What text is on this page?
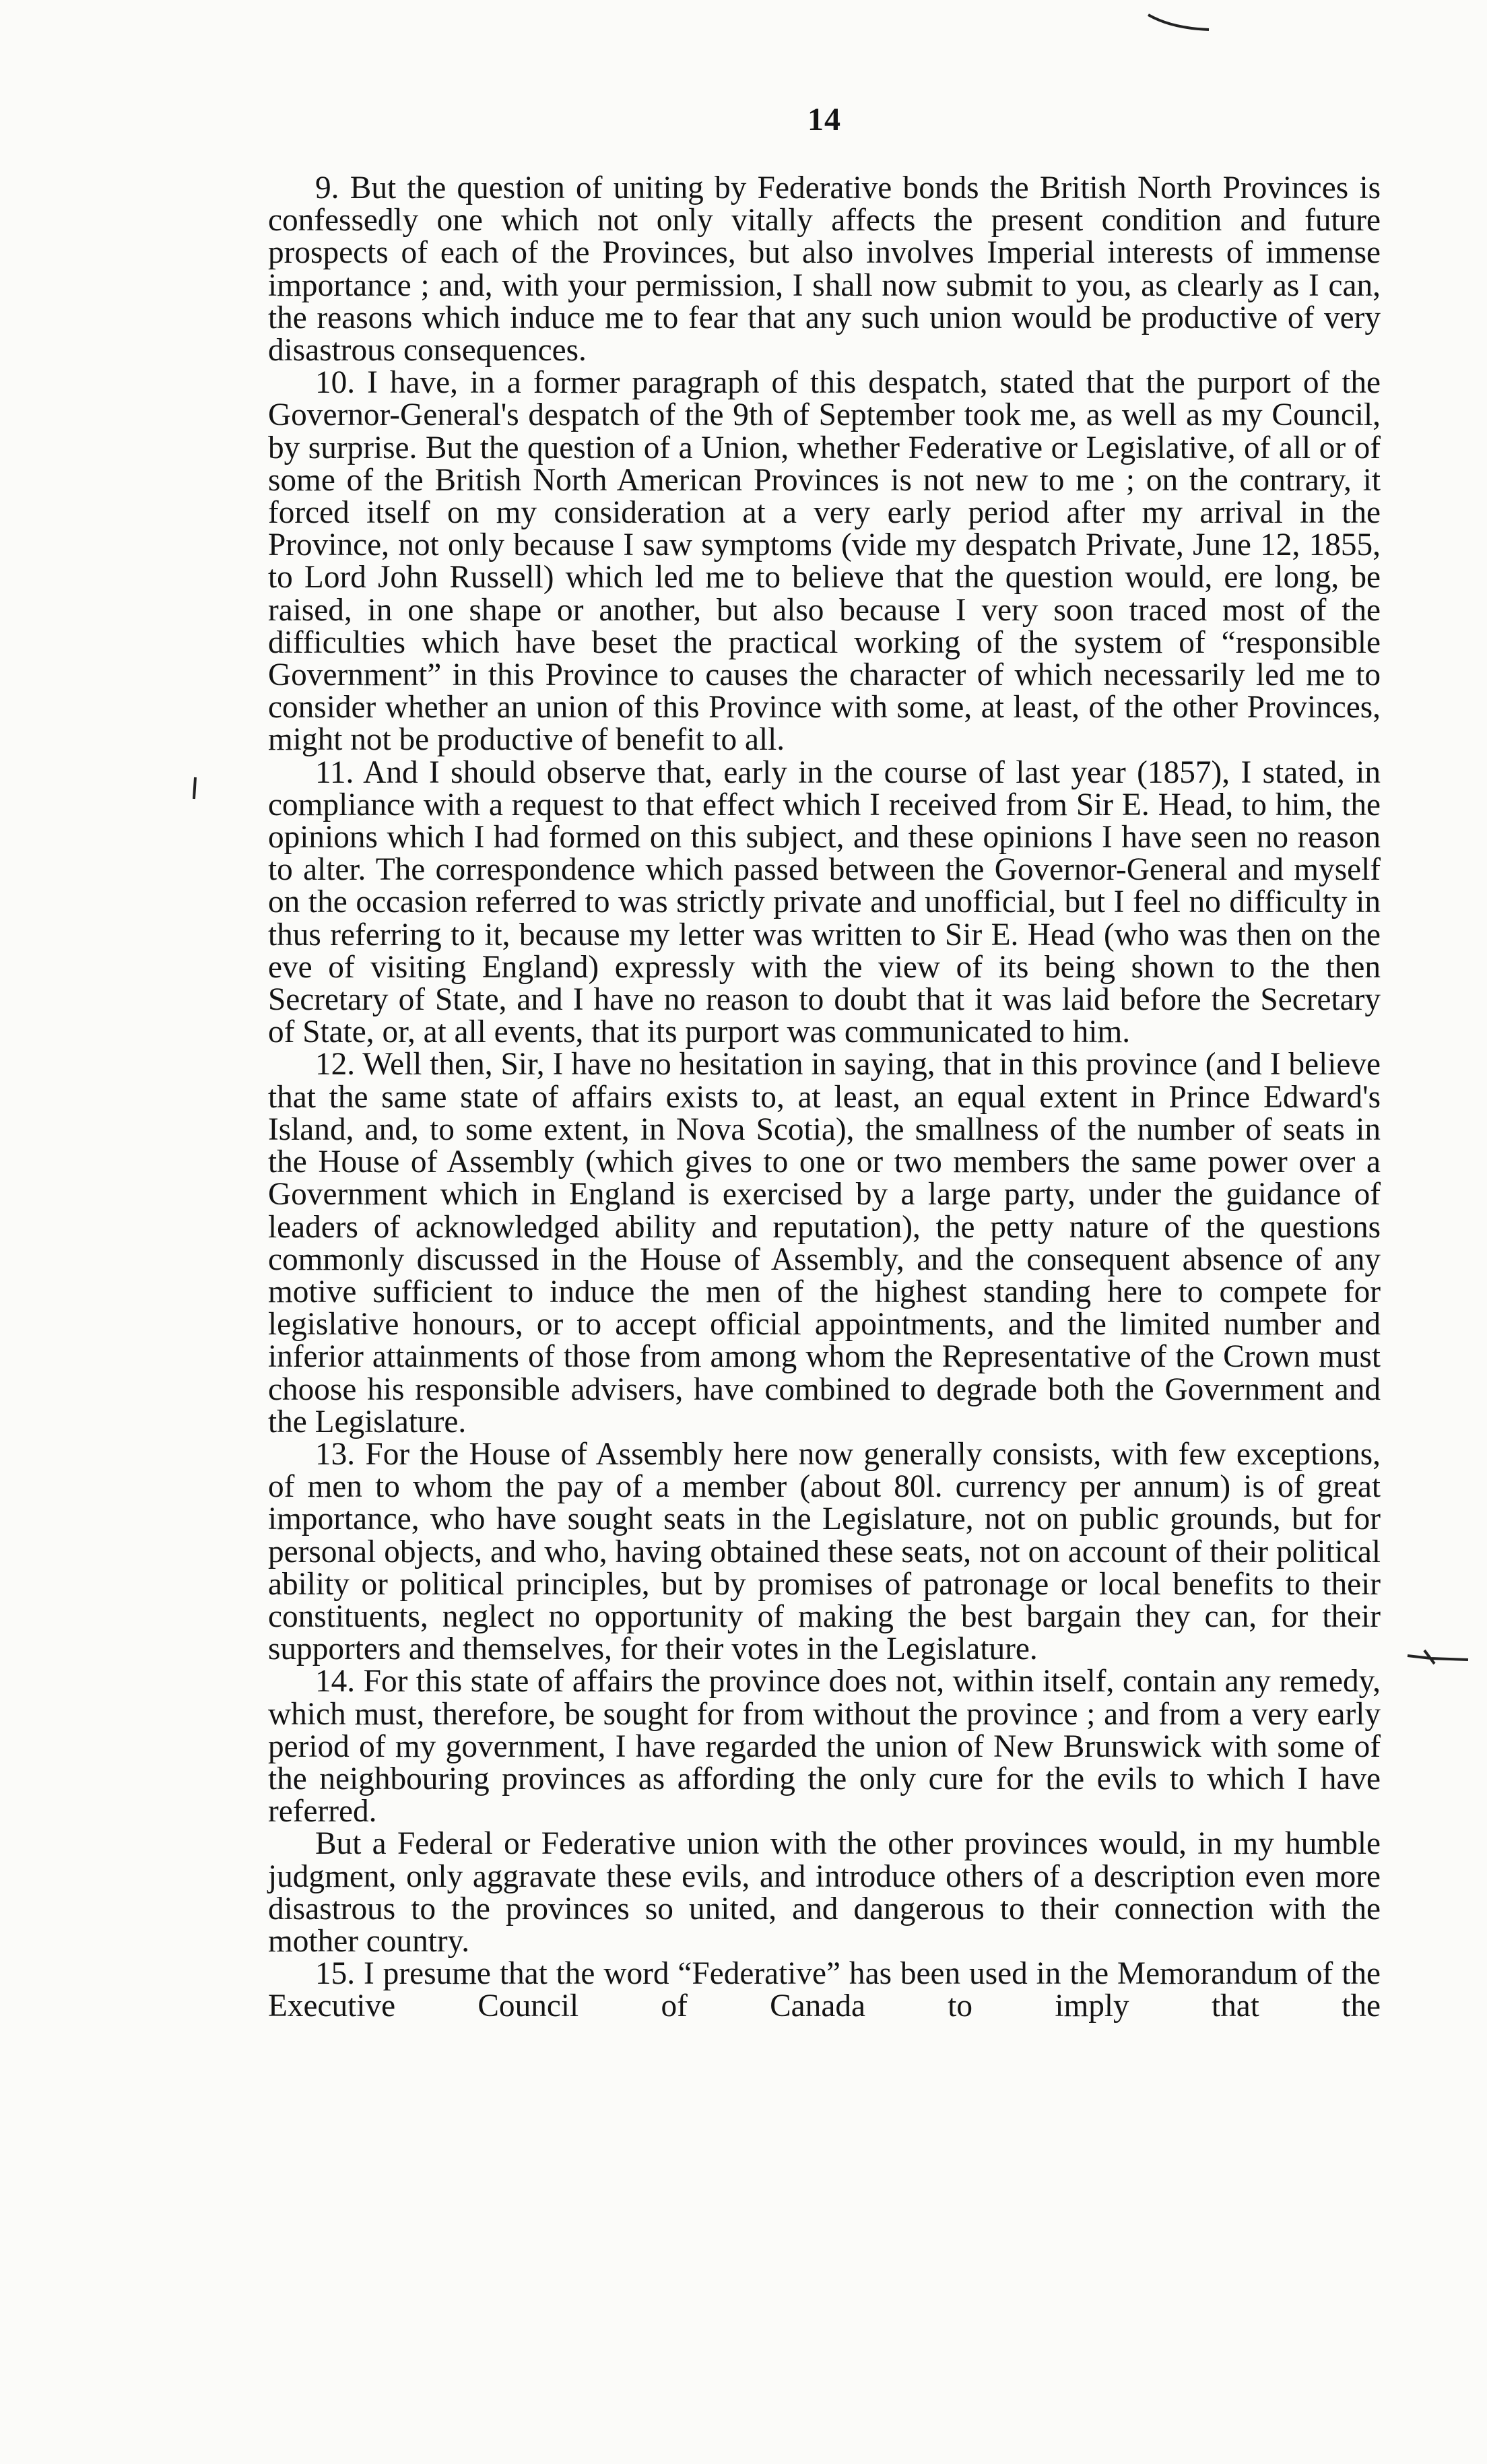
14

9. But the question of uniting by Federative bonds the British North Provinces is confessedly one which not only vitally affects the present condition and future prospects of each of the Provinces, but also involves Imperial interests of immense importance ; and, with your permission, I shall now submit to you, as clearly as I can, the reasons which induce me to fear that any such union would be productive of very disastrous consequences.

10. I have, in a former paragraph of this despatch, stated that the purport of the Governor-General's despatch of the 9th of September took me, as well as my Council, by surprise. But the question of a Union, whether Federative or Legislative, of all or of some of the British North American Provinces is not new to me ; on the contrary, it forced itself on my consideration at a very early period after my arrival in the Province, not only because I saw symptoms (vide my despatch Private, June 12, 1855, to Lord John Russell) which led me to believe that the question would, ere long, be raised, in one shape or another, but also because I very soon traced most of the difficulties which have beset the practical working of the system of “responsible Government” in this Province to causes the character of which necessarily led me to consider whether an union of this Province with some, at least, of the other Provinces, might not be productive of benefit to all.

11. And I should observe that, early in the course of last year (1857), I stated, in compliance with a request to that effect which I received from Sir E. Head, to him, the opinions which I had formed on this subject, and these opinions I have seen no reason to alter. The correspondence which passed between the Governor-General and myself on the occasion referred to was strictly private and unofficial, but I feel no difficulty in thus referring to it, because my letter was written to Sir E. Head (who was then on the eve of visiting England) expressly with the view of its being shown to the then Secretary of State, and I have no reason to doubt that it was laid before the Secretary of State, or, at all events, that its purport was communicated to him.

12. Well then, Sir, I have no hesitation in saying, that in this province (and I believe that the same state of affairs exists to, at least, an equal extent in Prince Edward's Island, and, to some extent, in Nova Scotia), the smallness of the number of seats in the House of Assembly (which gives to one or two members the same power over a Government which in England is exercised by a large party, under the guidance of leaders of acknowledged ability and reputation), the petty nature of the questions commonly discussed in the House of Assembly, and the consequent absence of any motive sufficient to induce the men of the highest standing here to compete for legislative honours, or to accept official appointments, and the limited number and inferior attainments of those from among whom the Representative of the Crown must choose his responsible advisers, have combined to degrade both the Government and the Legislature.

13. For the House of Assembly here now generally consists, with few exceptions, of men to whom the pay of a member (about 80l. currency per annum) is of great importance, who have sought seats in the Legislature, not on public grounds, but for personal objects, and who, having obtained these seats, not on account of their political ability or political principles, but by promises of patronage or local benefits to their constituents, neglect no opportunity of making the best bargain they can, for their supporters and themselves, for their votes in the Legislature.

14. For this state of affairs the province does not, within itself, contain any remedy, which must, therefore, be sought for from without the province ; and from a very early period of my government, I have regarded the union of New Brunswick with some of the neighbouring provinces as affording the only cure for the evils to which I have referred.

But a Federal or Federative union with the other provinces would, in my humble judgment, only aggravate these evils, and introduce others of a description even more disastrous to the provinces so united, and dangerous to their connection with the mother country.

15. I presume that the word “Federative” has been used in the Memorandum of the Executive Council of Canada to imply that the
